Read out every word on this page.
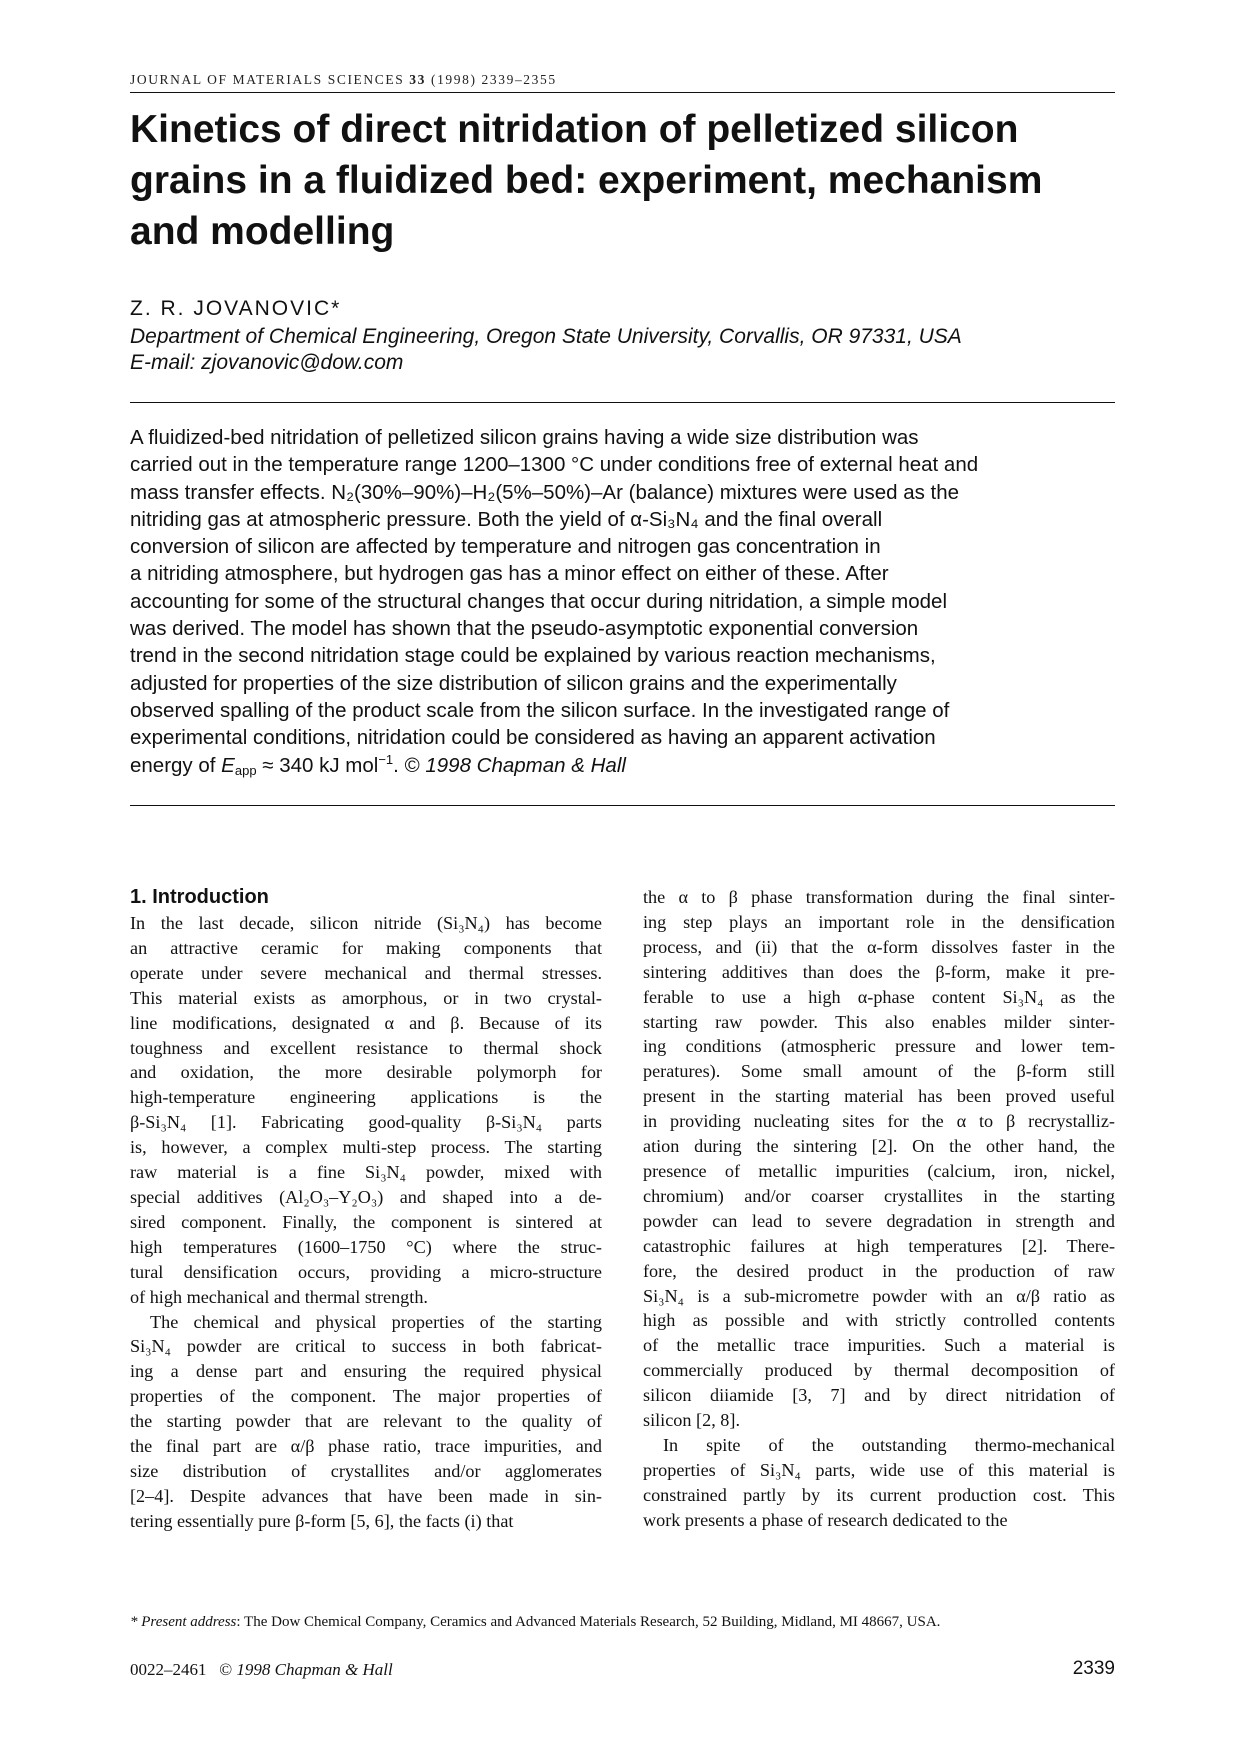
JOURNAL OF MATERIALS SCIENCES 33 (1998) 2339–2355
Kinetics of direct nitridation of pelletized silicon
grains in a fluidized bed: experiment, mechanism
and modelling
Z. R. JOVANOVIC*
Department of Chemical Engineering, Oregon State University, Corvallis, OR 97331, USA
E-mail: zjovanovic@dow.com
A fluidized-bed nitridation of pelletized silicon grains having a wide size distribution was
carried out in the temperature range 1200–1300 °C under conditions free of external heat and
mass transfer effects. N₂(30%–90%)–H₂(5%–50%)–Ar (balance) mixtures were used as the
nitriding gas at atmospheric pressure. Both the yield of α-Si₃N₄ and the final overall
conversion of silicon are affected by temperature and nitrogen gas concentration in
a nitriding atmosphere, but hydrogen gas has a minor effect on either of these. After
accounting for some of the structural changes that occur during nitridation, a simple model
was derived. The model has shown that the pseudo-asymptotic exponential conversion
trend in the second nitridation stage could be explained by various reaction mechanisms,
adjusted for properties of the size distribution of silicon grains and the experimentally
observed spalling of the product scale from the silicon surface. In the investigated range of
experimental conditions, nitridation could be considered as having an apparent activation
energy of $E_{app} \approx 340$ kJ mol$^{-1}$. © 1998 Chapman & Hall
1. Introduction
In the last decade, silicon nitride (Si₃N₄) has become
an attractive ceramic for making components that
operate under severe mechanical and thermal stresses.
This material exists as amorphous, or in two crystal-
line modifications, designated α and β. Because of its
toughness and excellent resistance to thermal shock
and oxidation, the more desirable polymorph for
high-temperature engineering applications is the
β-Si₃N₄ [1]. Fabricating good-quality β-Si₃N₄ parts
is, however, a complex multi-step process. The starting
raw material is a fine Si₃N₄ powder, mixed with
special additives (Al₂O₃–Y₂O₃) and shaped into a de-
sired component. Finally, the component is sintered at
high temperatures (1600–1750 °C) where the struc-
tural densification occurs, providing a micro-structure
of high mechanical and thermal strength.
The chemical and physical properties of the starting
Si₃N₄ powder are critical to success in both fabricat-
ing a dense part and ensuring the required physical
properties of the component. The major properties of
the starting powder that are relevant to the quality of
the final part are α/β phase ratio, trace impurities, and
size distribution of crystallites and/or agglomerates
[2–4]. Despite advances that have been made in sin-
tering essentially pure β-form [5, 6], the facts (i) that
the α to β phase transformation during the final sinter-
ing step plays an important role in the densification
process, and (ii) that the α-form dissolves faster in the
sintering additives than does the β-form, make it pre-
ferable to use a high α-phase content Si₃N₄ as the
starting raw powder. This also enables milder sinter-
ing conditions (atmospheric pressure and lower tem-
peratures). Some small amount of the β-form still
present in the starting material has been proved useful
in providing nucleating sites for the α to β recrystalliz-
ation during the sintering [2]. On the other hand, the
presence of metallic impurities (calcium, iron, nickel,
chromium) and/or coarser crystallites in the starting
powder can lead to severe degradation in strength and
catastrophic failures at high temperatures [2]. There-
fore, the desired product in the production of raw
Si₃N₄ is a sub-micrometre powder with an α/β ratio as
high as possible and with strictly controlled contents
of the metallic trace impurities. Such a material is
commercially produced by thermal decomposition of
silicon diiamide [3, 7] and by direct nitridation of
silicon [2, 8].
In spite of the outstanding thermo-mechanical
properties of Si₃N₄ parts, wide use of this material is
constrained partly by its current production cost. This
work presents a phase of research dedicated to the
* Present address: The Dow Chemical Company, Ceramics and Advanced Materials Research, 52 Building, Midland, MI 48667, USA.
0022–2461 © 1998 Chapman & Hall	2339
